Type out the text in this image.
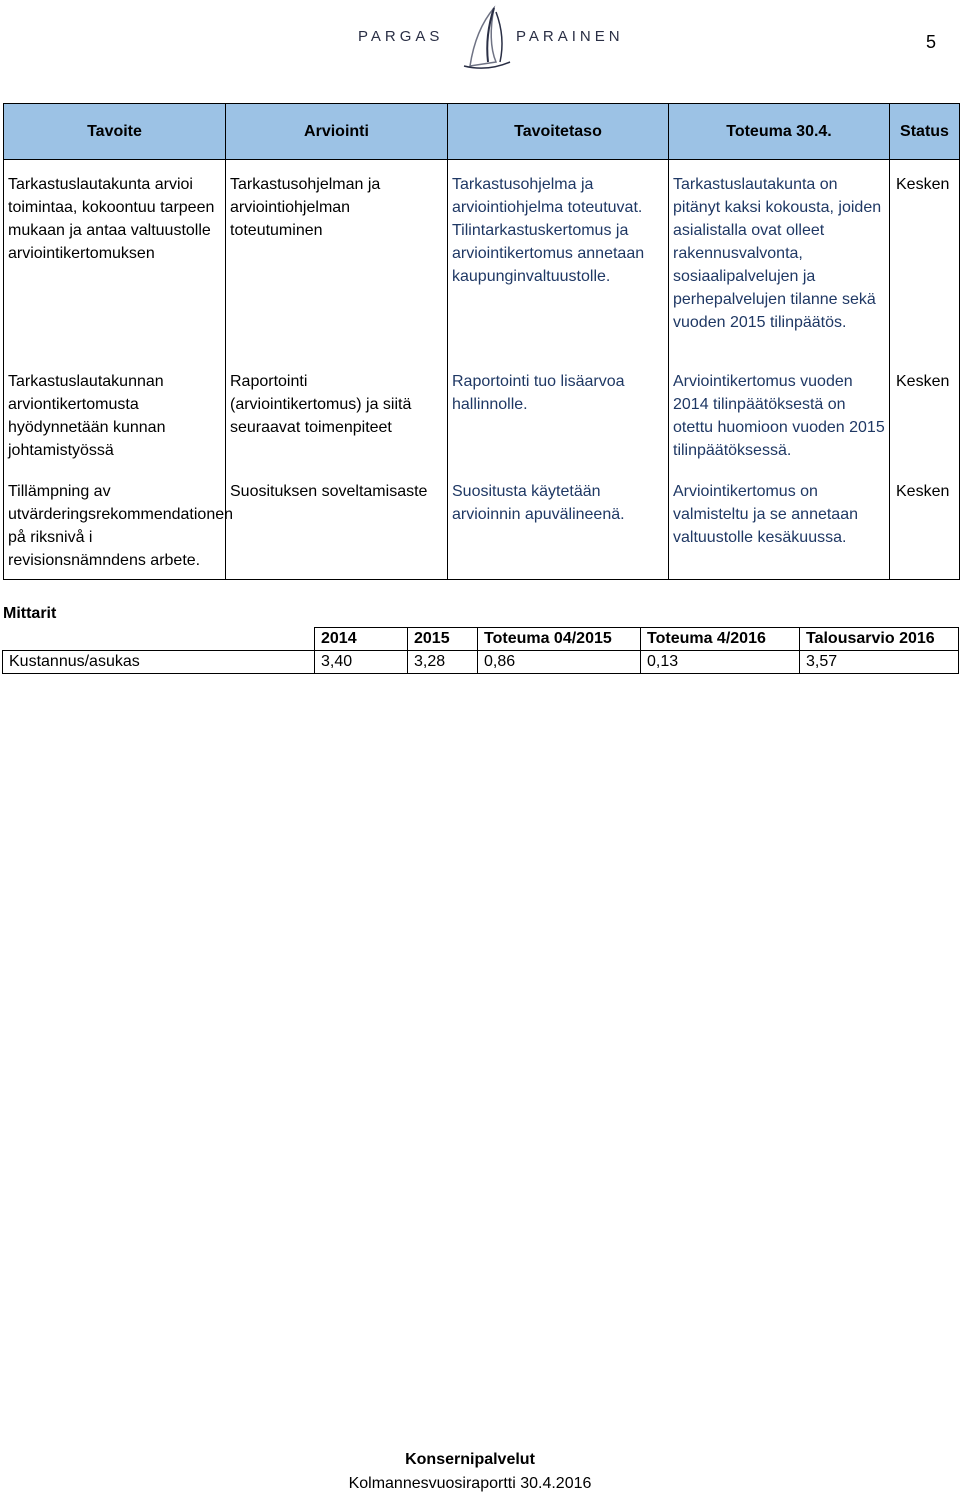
5
PARGAS	PARAINEN
Tavoite	Arviointi	Tavoitetaso	Toteuma 30.4.	Status
Tarkastuslautakunta arvioi toimintaa, kokoontuu tarpeen mukaan ja antaa valtuustolle arviointikertomuksen	Tarkastusohjelman ja arviointiohjelman toteutuminen	Tarkastusohjelma ja arviointiohjelma toteutuvat. Tilintarkastuskertomus ja arviointikertomus annetaan kaupunginvaltuustolle.	Tarkastuslautakunta on pitänyt kaksi kokousta, joiden asialistalla ovat olleet rakennusvalvonta, sosiaalipalvelujen ja perhepalvelujen tilanne sekä vuoden 2015 tilinpäätös.	Kesken
Tarkastuslautakunnan arviontikertomusta hyödynnetään kunnan johtamistyössä	Raportointi (arviointikertomus) ja siitä seuraavat toimenpiteet	Raportointi tuo lisäarvoa hallinnolle.	Arviointikertomus vuoden 2014 tilinpäätöksestä on otettu huomioon vuoden 2015 tilinpäätöksessä.	Kesken
Tillämpning av utvärderingsrekommendationen på riksnivå i revisionsnämndens arbete.	Suosituksen soveltamisaste	Suositusta käytetään arvioinnin apuvälineenä.	Arviointikertomus on valmisteltu ja se annetaan valtuustolle kesäkuussa.	Kesken
Mittarit
	2014	2015	Toteuma 04/2015	Toteuma 4/2016	Talousarvio 2016
Kustannus/asukas	3,40	3,28	0,86	0,13	3,57
Konsernipalvelut
Kolmannesvuosiraportti 30.4.2016
